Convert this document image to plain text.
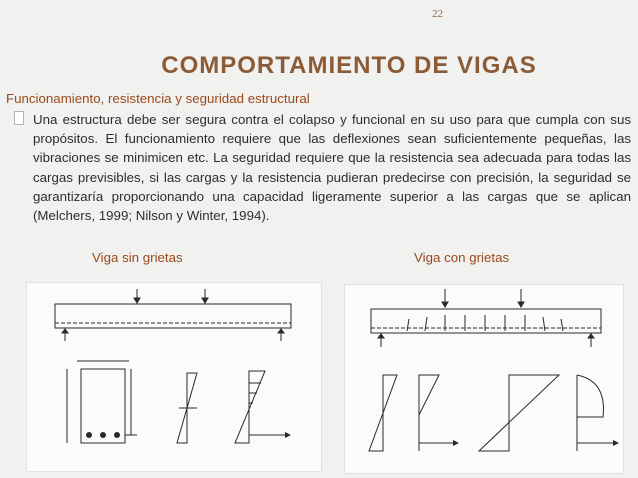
22
COMPORTAMIENTO DE VIGAS
Funcionamiento, resistencia y seguridad estructural
Una estructura debe ser segura contra el colapso y funcional en su uso para que cumpla con sus propósitos. El funcionamiento requiere que las deflexiones sean suficientemente pequeñas, las vibraciones se minimicen etc. La seguridad requiere que la resistencia sea adecuada para todas las cargas previsibles, si las cargas y la resistencia pudieran predecirse con precisión, la seguridad se garantizaría proporcionando una capacidad ligeramente superior a las cargas que se aplican (Melchers, 1999; Nilson y Winter, 1994).
Viga sin grietas	Viga con grietas
